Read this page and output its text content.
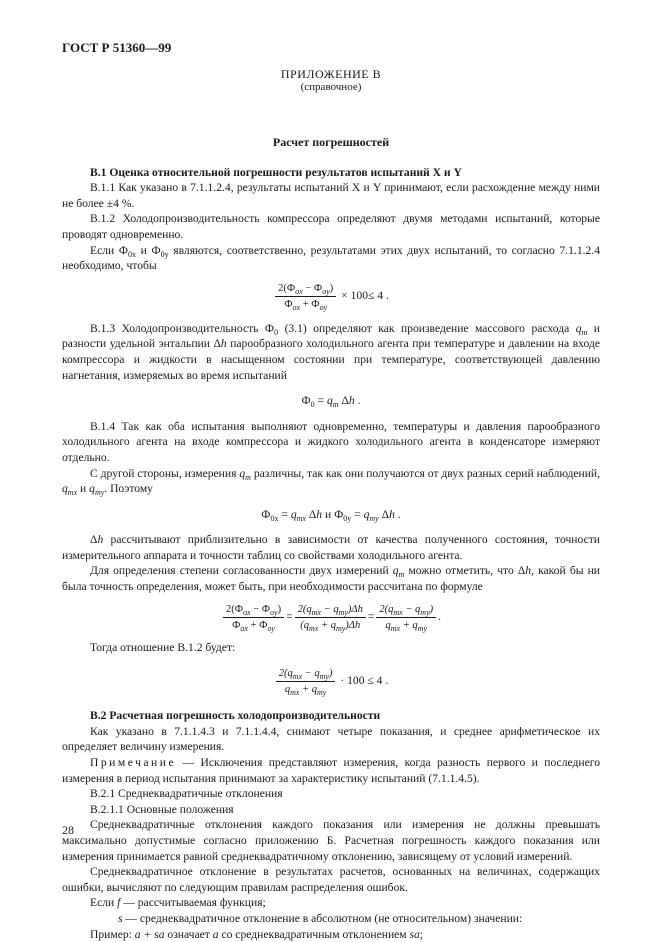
ГОСТ Р 51360—99
ПРИЛОЖЕНИЕ В
(справочное)
Расчет погрешностей

В.1 Оценка относительной погрешности результатов испытаний X и Y

В.1.1 Как указано в 7.1.1.2.4, результаты испытаний X и Y принимают, если расхождение между ними не более ±4 %.

В.1.2 Холодопроизводительность компрессора определяют двумя методами испытаний, которые проводят одновременно.

Если $Ф_{0x}$ и $Ф_{0y}$ являются, соответственно, результатами этих двух испытаний, то согласно 7.1.1.2.4 необходимо, чтобы

$\frac{2(Ф_{ox} - Ф_{oy})}{Ф_{ox} + Ф_{oy}} \times 100\le 4$ .

В.1.3 Холодопроизводительность $Ф_0$ (3.1) определяют как произведение массового расхода $q_m$ и разности удельной энтальпии Δh парообразного холодильного агента при температуре и давлении на входе компрессора и жидкости в насыщенном состоянии при температуре, соответствующей давлению нагнетания, измеряемых во время испытаний

$Ф_0 = q_m$ Δh .

В.1.4 Так как оба испытания выполняют одновременно, температуры и давления парообразного холодильного агента на входе компрессора и жидкого холодильного агента в конденсаторе измеряют отдельно.

С другой стороны, измерения $q_m$ различны, так как они получаются от двух разных серий наблюдений, $q_{mx}$ и $q_{my}$. Поэтому

$Ф_{0x} = q_{mx}$ Δh и $Ф_{0y} = q_{my}$ Δh .

Δh рассчитывают приблизительно в зависимости от качества полученного состояния, точности измерительного аппарата и точности таблиц со свойствами холодильного агента.

Для определения степени согласованности двух измерений $q_m$ можно отметить, что Δh, какой бы ни была точность определения, может быть, при необходимости рассчитана по формуле

$\frac{2(Ф_{ox} - Ф_{oy})}{Ф_{ox} + Ф_{oy}} = \frac{2(q_{mx} - q_{my})\Delta h}{(q_{mx} + q_{my})\Delta h} = \frac{2(q_{mx} - q_{my})}{q_{mx} + q_{my}}$ .

Тогда отношение В.1.2 будет:

$\frac{2(q_{mx} - q_{my})}{q_{mx} + q_{my}} \cdot 100 \le 4$ .

В.2 Расчетная погрешность холодопроизводительности

Как указано в 7.1.1.4.3 и 7.1.1.4.4, снимают четыре показания, и среднее арифметическое их определяет величину измерения.

Примечание — Исключения представляют измерения, когда разность первого и последнего измерения в период испытания принимают за характеристику испытаний (7.1.1.4.5).

В.2.1 Среднеквадратичные отклонения

В.2.1.1 Основные положения

Среднеквадратичные отклонения каждого показания или измерения не должны превышать максимально допустимые согласно приложению Б. Расчетная погрешность каждого показания или измерения принимается равной среднеквадратичному отклонению, зависящему от условий измерений.

Среднеквадратичное отклонение в результатах расчетов, основанных на величинах, содержащих ошибки, вычисляют по следующим правилам распределения ошибок.

Если f — рассчитываемая функция;

s — среднеквадратичное отклонение в абсолютном (не относительном) значении:

Пример: a + sa означает a со среднеквадратичным отклонением sa;

28
